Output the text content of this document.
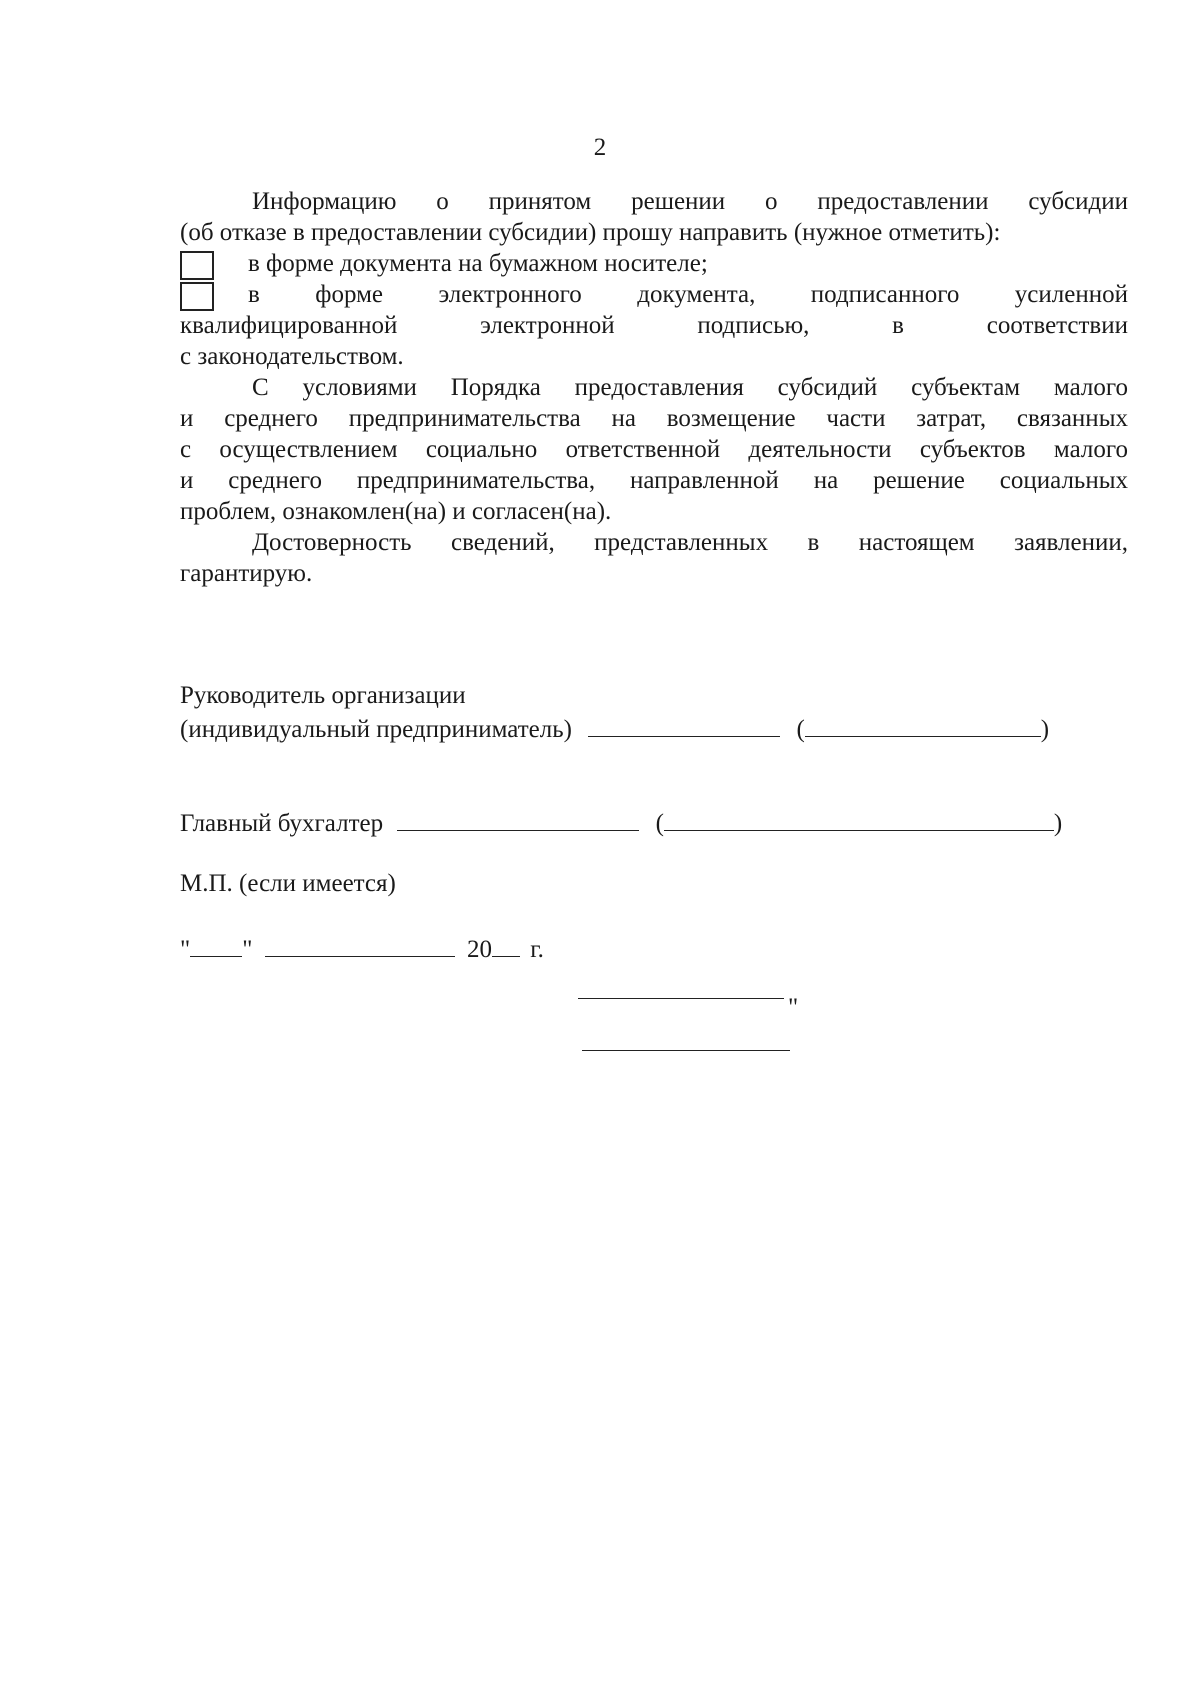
2
Информацию о принятом решении о предоставлении субсидии
(об отказе в предоставлении субсидии) прошу направить (нужное отметить):
в форме документа на бумажном носителе;
в форме электронного документа, подписанного усиленной
квалифицированной электронной подписью, в соответствии
с законодательством.
С условиями Порядка предоставления субсидий субъектам малого
и среднего предпринимательства на возмещение части затрат, связанных
с осуществлением социально ответственной деятельности субъектов малого
и среднего предпринимательства, направленной на решение социальных
проблем, ознакомлен(на) и согласен(на).
Достоверность сведений, представленных в настоящем заявлении,
гарантирую.
Руководитель организации
(индивидуальный предприниматель)	(	)
Главный бухгалтер	(	)
М.П. (если имеется)
" "	20 г.
"
